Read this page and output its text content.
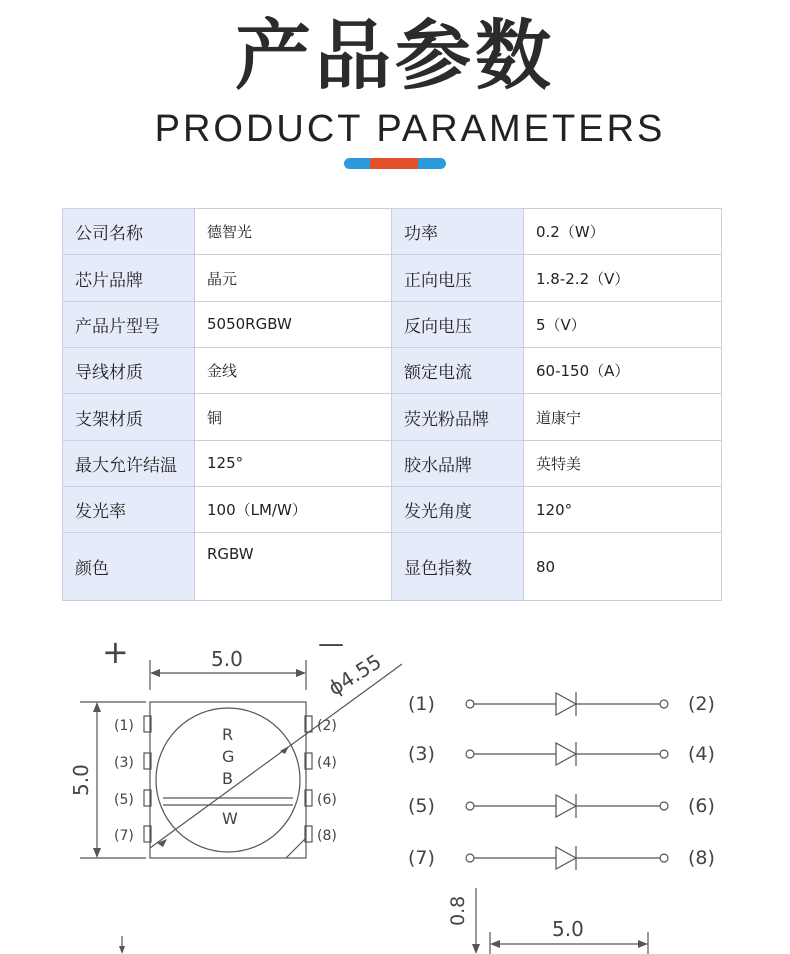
产品参数
PRODUCT PARAMETERS
公司名称	德智光	功率	0.2（W）
芯片品牌	晶元	正向电压	1.8-2.2（V）
产品片型号	5050RGBW	反向电压	5（V）
导线材质	金线	额定电流	60-150（A）
支架材质	铜	荧光粉品牌	道康宁
最大允许结温	125°	胶水品牌	英特美
发光率	100（LM/W）	发光角度	120°
颜色	RGBW	显色指数	80
+	—
5.0
5.0
ϕ4.55
R
G
B
W
(1)
(3)
(5)
(7)
(2)
(4)
(6)
(8)
(1)	(2)
(3)	(4)
(5)	(6)
(7)	(8)
0.8
5.0
